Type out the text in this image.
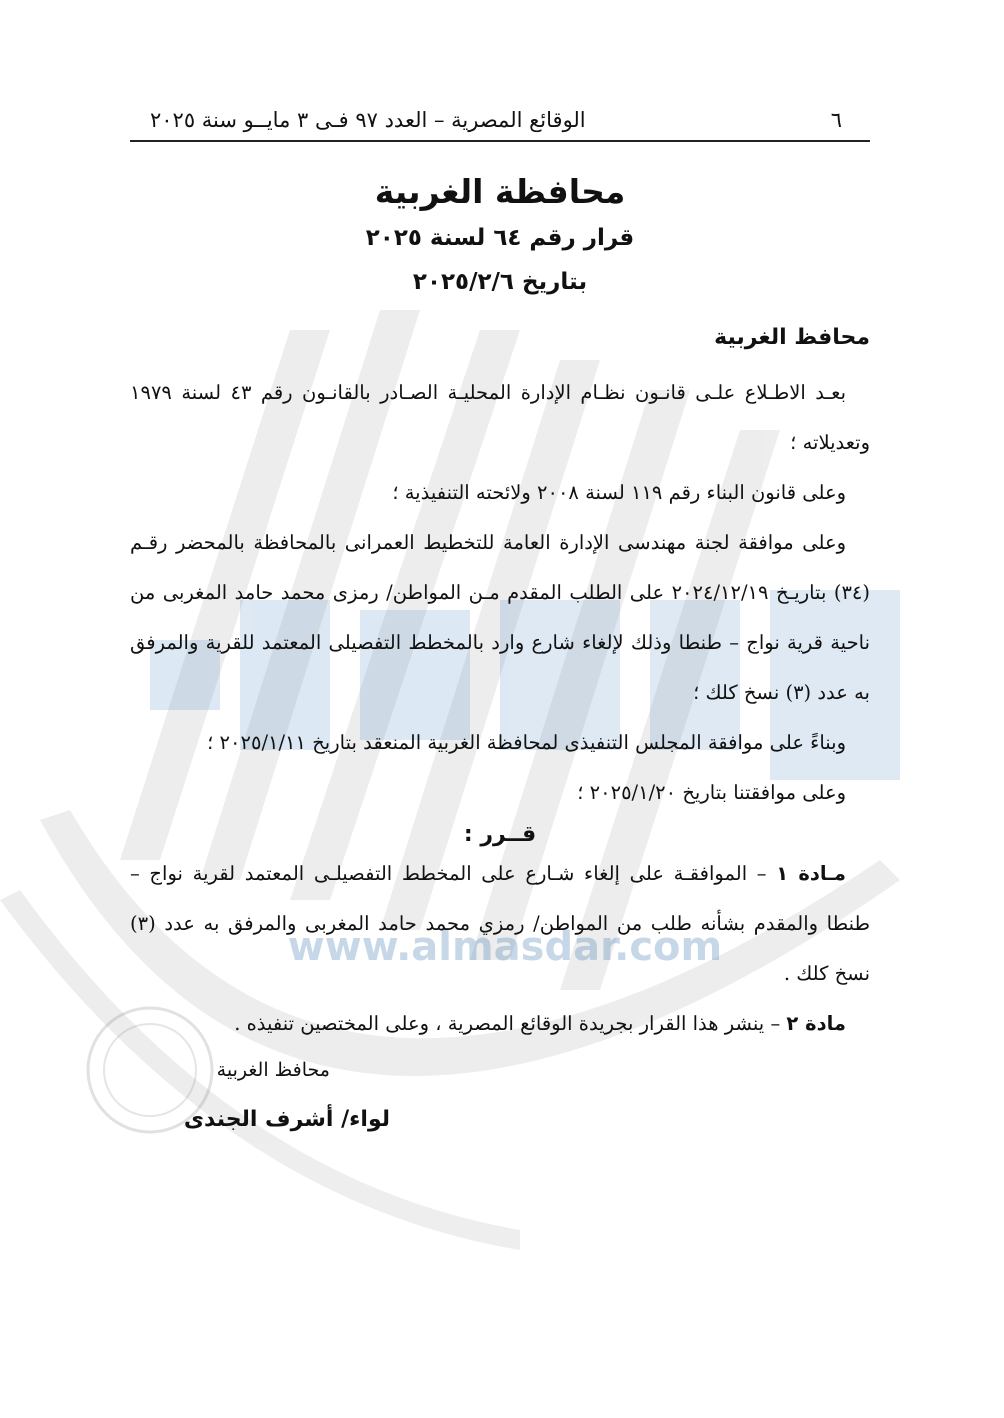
www.almasdar.com
٦
الوقائع المصرية – العدد ٩٧ فـى ٣ مايــو سنة ٢٠٢٥
محافظة الغربية
قرار رقم ٦٤ لسنة ٢٠٢٥
بتاريخ ٢٠٢٥/٢/٦
محافظ الغربية

بعـد الاطـلاع علـى قانـون نظـام الإدارة المحليـة الصـادر بالقانـون رقم ٤٣ لسنة ١٩٧٩ وتعديلاته ؛

وعلى قانون البناء رقم ١١٩ لسنة ٢٠٠٨ ولائحته التنفيذية ؛

وعلى موافقة لجنة مهندسى الإدارة العامة للتخطيط العمرانى بالمحافظة بالمحضر رقـم (٣٤) بتاريـخ ٢٠٢٤/١٢/١٩ على الطلب المقدم مـن المواطن/ رمزى محمد حامد المغربى من ناحية قرية نواج – طنطا وذلك لإلغاء شارع وارد بالمخطط التفصيلى المعتمد للقرية والمرفق به عدد (٣) نسخ كلك ؛

وبناءً على موافقة المجلس التنفيذى لمحافظة الغربية المنعقد بتاريخ ٢٠٢٥/١/١١ ؛

وعلى موافقتنا بتاريخ ٢٠٢٥/١/٢٠ ؛

قــرر :

مـادة ١ – الموافقـة على إلغاء شـارع على المخطط التفصيلـى المعتمد لقرية نواج – طنطا والمقدم بشأنه طلب من المواطن/ رمزي محمد حامد المغربى والمرفق به عدد (٣) نسخ كلك .

مادة ٢ – ينشر هذا القرار بجريدة الوقائع المصرية ، وعلى المختصين تنفيذه .

محافظ الغربية
لواء/ أشرف الجندى
